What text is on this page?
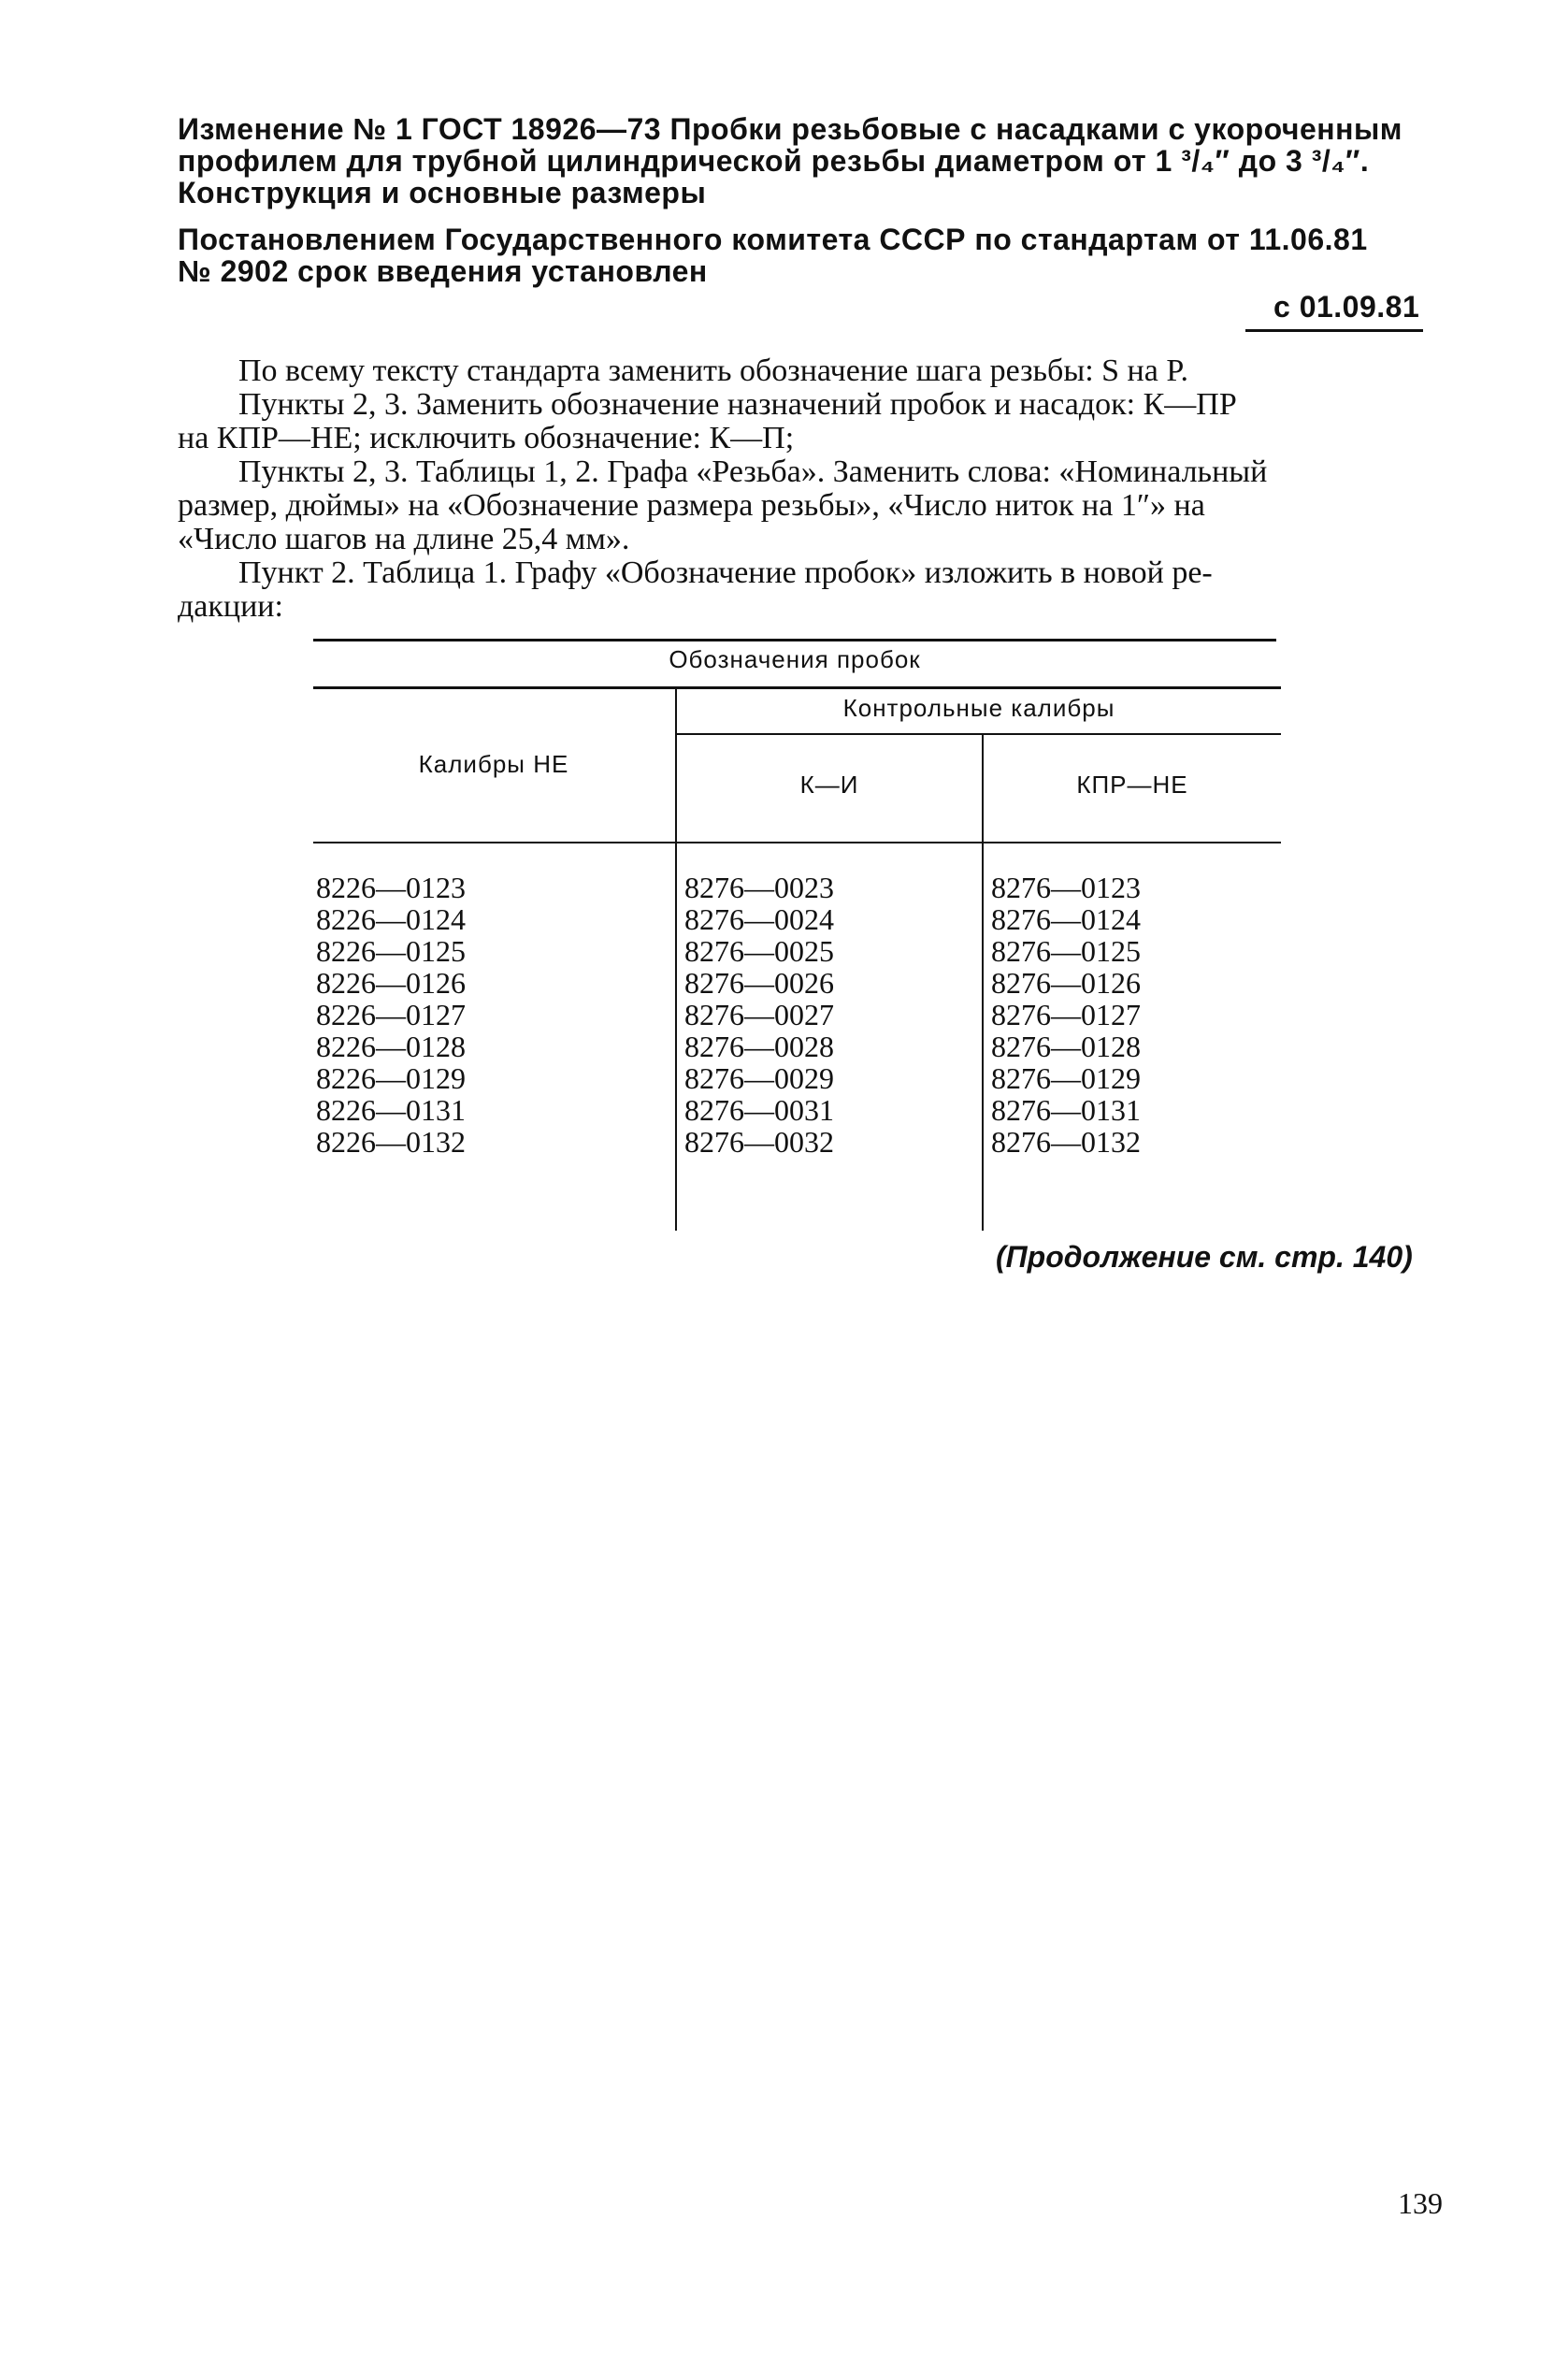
Изменение № 1 ГОСТ 18926—73 Пробки резьбовые с насадками с укороченным
профилем для трубной цилиндрической резьбы диаметром от 1 ³/₄″ до 3 ³/₄″.
Конструкция и основные размеры
Постановлением Государственного комитета СССР по стандартам от 11.06.81
№ 2902 срок введения установлен
с 01.09.81
По всему тексту стандарта заменить обозначение шага резьбы: S на P.
Пункты 2, 3. Заменить обозначение назначений пробок и насадок: К—ПР
на КПР—НЕ; исключить обозначение: К—П;
Пункты 2, 3. Таблицы 1, 2. Графа «Резьба». Заменить слова: «Номинальный
размер, дюймы» на «Обозначение размера резьбы», «Число ниток на 1″» на
«Число шагов на длине 25,4 мм».
Пункт 2. Таблица 1. Графу «Обозначение пробок» изложить в новой ре-
дакции:
Обозначения пробок
Калибры НЕ
Контрольные калибры
К—И	КПР—НЕ
8226—0123	8276—0023	8276—0123
8226—0124	8276—0024	8276—0124
8226—0125	8276—0025	8276—0125
8226—0126	8276—0026	8276—0126
8226—0127	8276—0027	8276—0127
8226—0128	8276—0028	8276—0128
8226—0129	8276—0029	8276—0129
8226—0131	8276—0031	8276—0131
8226—0132	8276—0032	8276—0132
(Продолжение см. стр. 140)
139
